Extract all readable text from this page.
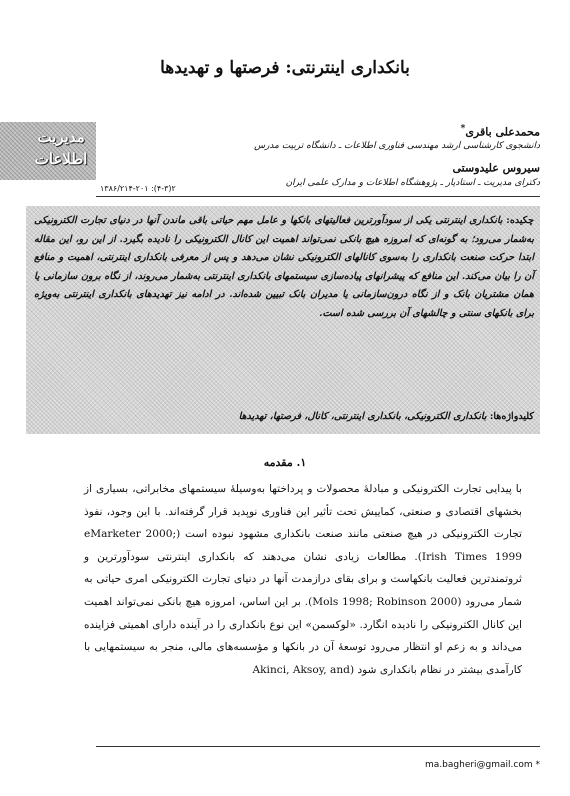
بانکداری اینترنتی: فرصتها و تهدیدها
مدیریت اطلاعات
محمدعلی باقری*
دانشجوی کارشناسی ارشد مهندسی فناوری اطلاعات ـ دانشگاه تربیت مدرس
سیروس علیدوستی
دکترای مدیریت ـ استادیار ـ پژوهشگاه اطلاعات و مدارک علمی ایران
۱۳۸۶/۲۱۴-۲۰۱ :(۴-۳)۲
چکیده: بانکداری اینترنتی یکی از سودآورترین فعالیتهای بانکها و عامل مهم حیاتی باقی ماندن آنها در دنیای تجارت الکترونیکی به‌شمار می‌رود؛ به گونه‌ای که امروزه هیچ بانکی نمی‌تواند اهمیت این کانال الکترونیکی را نادیده بگیرد. از این رو، این مقاله ابتدا حرکت صنعت بانکداری را به‌سوی کانالهای الکترونیکی نشان می‌دهد و پس از معرفی بانکداری اینترنتی، اهمیت و منافع آن را بیان می‌کند. این منافع که پیشرانهای پیاده‌سازی سیستمهای بانکداری اینترنتی به‌شمار می‌روند، از نگاه برون سازمانی یا همان مشتریان بانک و از نگاه درون‌سازمانی یا مدیران بانک تبیین شده‌اند. در ادامه نیز تهدیدهای بانکداری اینترنتی به‌ویژه برای بانکهای سنتی و چالشهای آن بررسی شده است.
کلیدواژه‌ها: بانکداری الکترونیکی، بانکداری اینترنتی، کانال، فرصتها، تهدیدها
۱. مقدمه
با پیدایی تجارت الکترونیکی و مبادلهٔ محصولات و پرداختها به‌وسیلهٔ سیستمهای مخابراتی، بسیاری از بخشهای اقتصادی و صنعتی، کماییش تحت تأثیر این فناوری نوپدید قرار گرفته‌اند. با این وجود، نفوذ تجارت الکترونیکی در هیچ صنعتی مانند صنعت بانکداری مشهود نبوده است (eMarketer 2000; Irish Times 1999). مطالعات زیادی نشان می‌دهند که بانکداری اینترنتی سودآورترین و ثروتمندترین فعالیت بانکهاست و برای بقای درازمدت آنها در دنیای تجارت الکترونیکی امری حیاتی به شمار می‌رود (Mols 1998; Robinson 2000). بر این اساس، امروزه هیچ بانکی نمی‌تواند اهمیت این کانال الکترونیکی را نادیده انگارد. «لوکسمن» این نوع بانکداری را در آینده دارای اهمیتی فزاینده می‌داند و به زعم او انتظار می‌رود توسعهٔ آن در بانکها و مؤسسه‌های مالی، منجر به سیستمهایی با کارآمدی بیشتر در نظام بانکداری شود (Akinci, Aksoy, and
ma.bagheri@gmail.com *
